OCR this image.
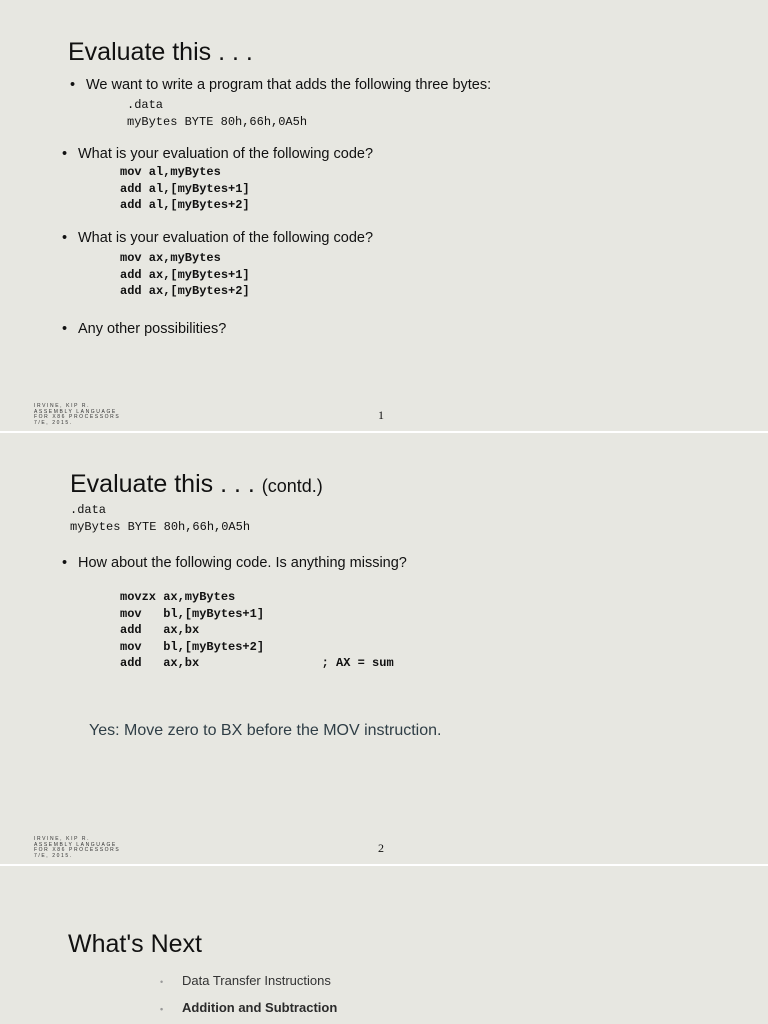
Evaluate this . . .
• We want to write a program that adds the following three bytes:
.data
myBytes BYTE 80h,66h,0A5h
• What is your evaluation of the following code?
mov al,myBytes
add al,[myBytes+1]
add al,[myBytes+2]
• What is your evaluation of the following code?
mov ax,myBytes
add ax,[myBytes+1]
add ax,[myBytes+2]
• Any other possibilities?
IRVINE, KIP R.
ASSEMBLY LANGUAGE
FOR X86 PROCESSORS
7/E, 2015.
1
Evaluate this . . . (contd.)
.data
myBytes BYTE 80h,66h,0A5h
• How about the following code. Is anything missing?
movzx ax,myBytes
mov   bl,[myBytes+1]
add   ax,bx
mov   bl,[myBytes+2]
add   ax,bx                 ; AX = sum
Yes: Move zero to BX before the MOV instruction.
IRVINE, KIP R.
ASSEMBLY LANGUAGE
FOR X86 PROCESSORS
7/E, 2015.
2
What's Next
• Data Transfer Instructions
• Addition and Subtraction
